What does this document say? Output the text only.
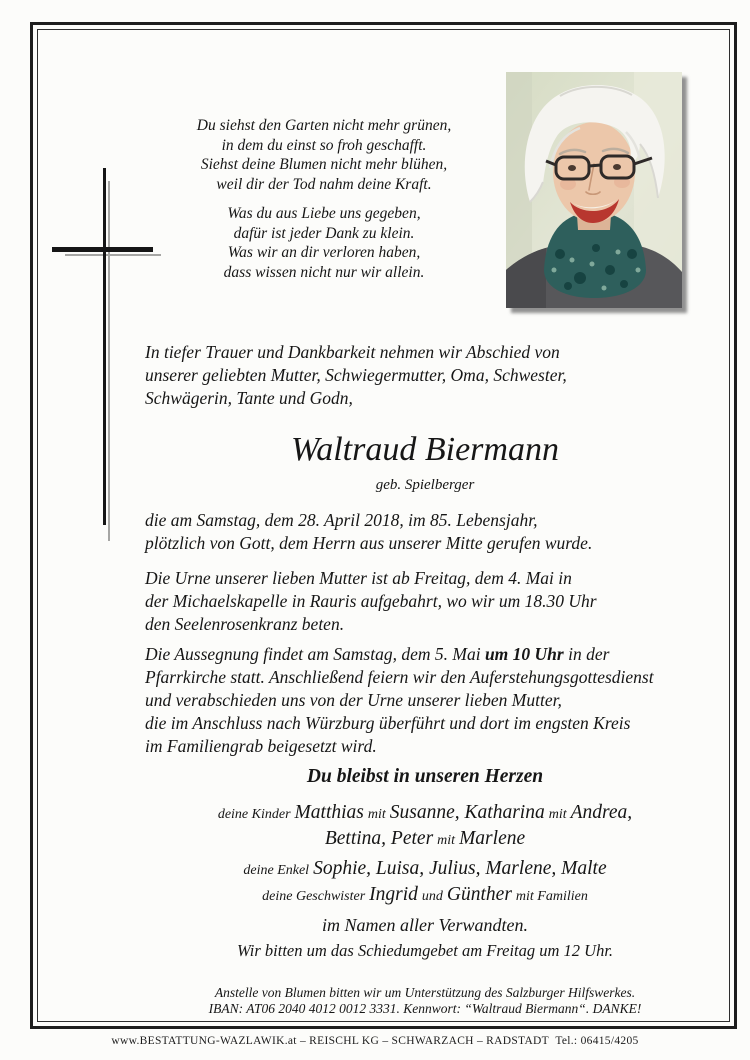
Du siehst den Garten nicht mehr grünen,
in dem du einst so froh geschafft.
Siehst deine Blumen nicht mehr blühen,
weil dir der Tod nahm deine Kraft.
Was du aus Liebe uns gegeben,
dafür ist jeder Dank zu klein.
Was wir an dir verloren haben,
dass wissen nicht nur wir allein.
In tiefer Trauer und Dankbarkeit nehmen wir Abschied von
unserer geliebten Mutter, Schwiegermutter, Oma, Schwester,
Schwägerin, Tante und Godn,
Waltraud Biermann
geb. Spielberger
die am Samstag, dem 28. April 2018, im 85. Lebensjahr,
plötzlich von Gott, dem Herrn aus unserer Mitte gerufen wurde.
Die Urne unserer lieben Mutter ist ab Freitag, dem 4. Mai in
der Michaelskapelle in Rauris aufgebahrt, wo wir um 18.30 Uhr
den Seelenrosenkranz beten.
Die Aussegnung findet am Samstag, dem 5. Mai um 10 Uhr in der
Pfarrkirche statt. Anschließend feiern wir den Auferstehungsgottesdienst
und verabschieden uns von der Urne unserer lieben Mutter,
die im Anschluss nach Würzburg überführt und dort im engsten Kreis
im Familiengrab beigesetzt wird.
Du bleibst in unseren Herzen
deine Kinder Matthias mit Susanne, Katharina mit Andrea,
Bettina, Peter mit Marlene
deine Enkel Sophie, Luisa, Julius, Marlene, Malte
deine Geschwister Ingrid und Günther mit Familien
im Namen aller Verwandten.
Wir bitten um das Schiedumgebet am Freitag um 12 Uhr.
Anstelle von Blumen bitten wir um Unterstützung des Salzburger Hilfswerkes.
IBAN: AT06 2040 4012 0012 3331. Kennwort: “Waltraud Biermann“. DANKE!
www.BESTATTUNG-WAZLAWIK.at – REISCHL KG – SCHWARZACH – RADSTADT  Tel.: 06415/4205
